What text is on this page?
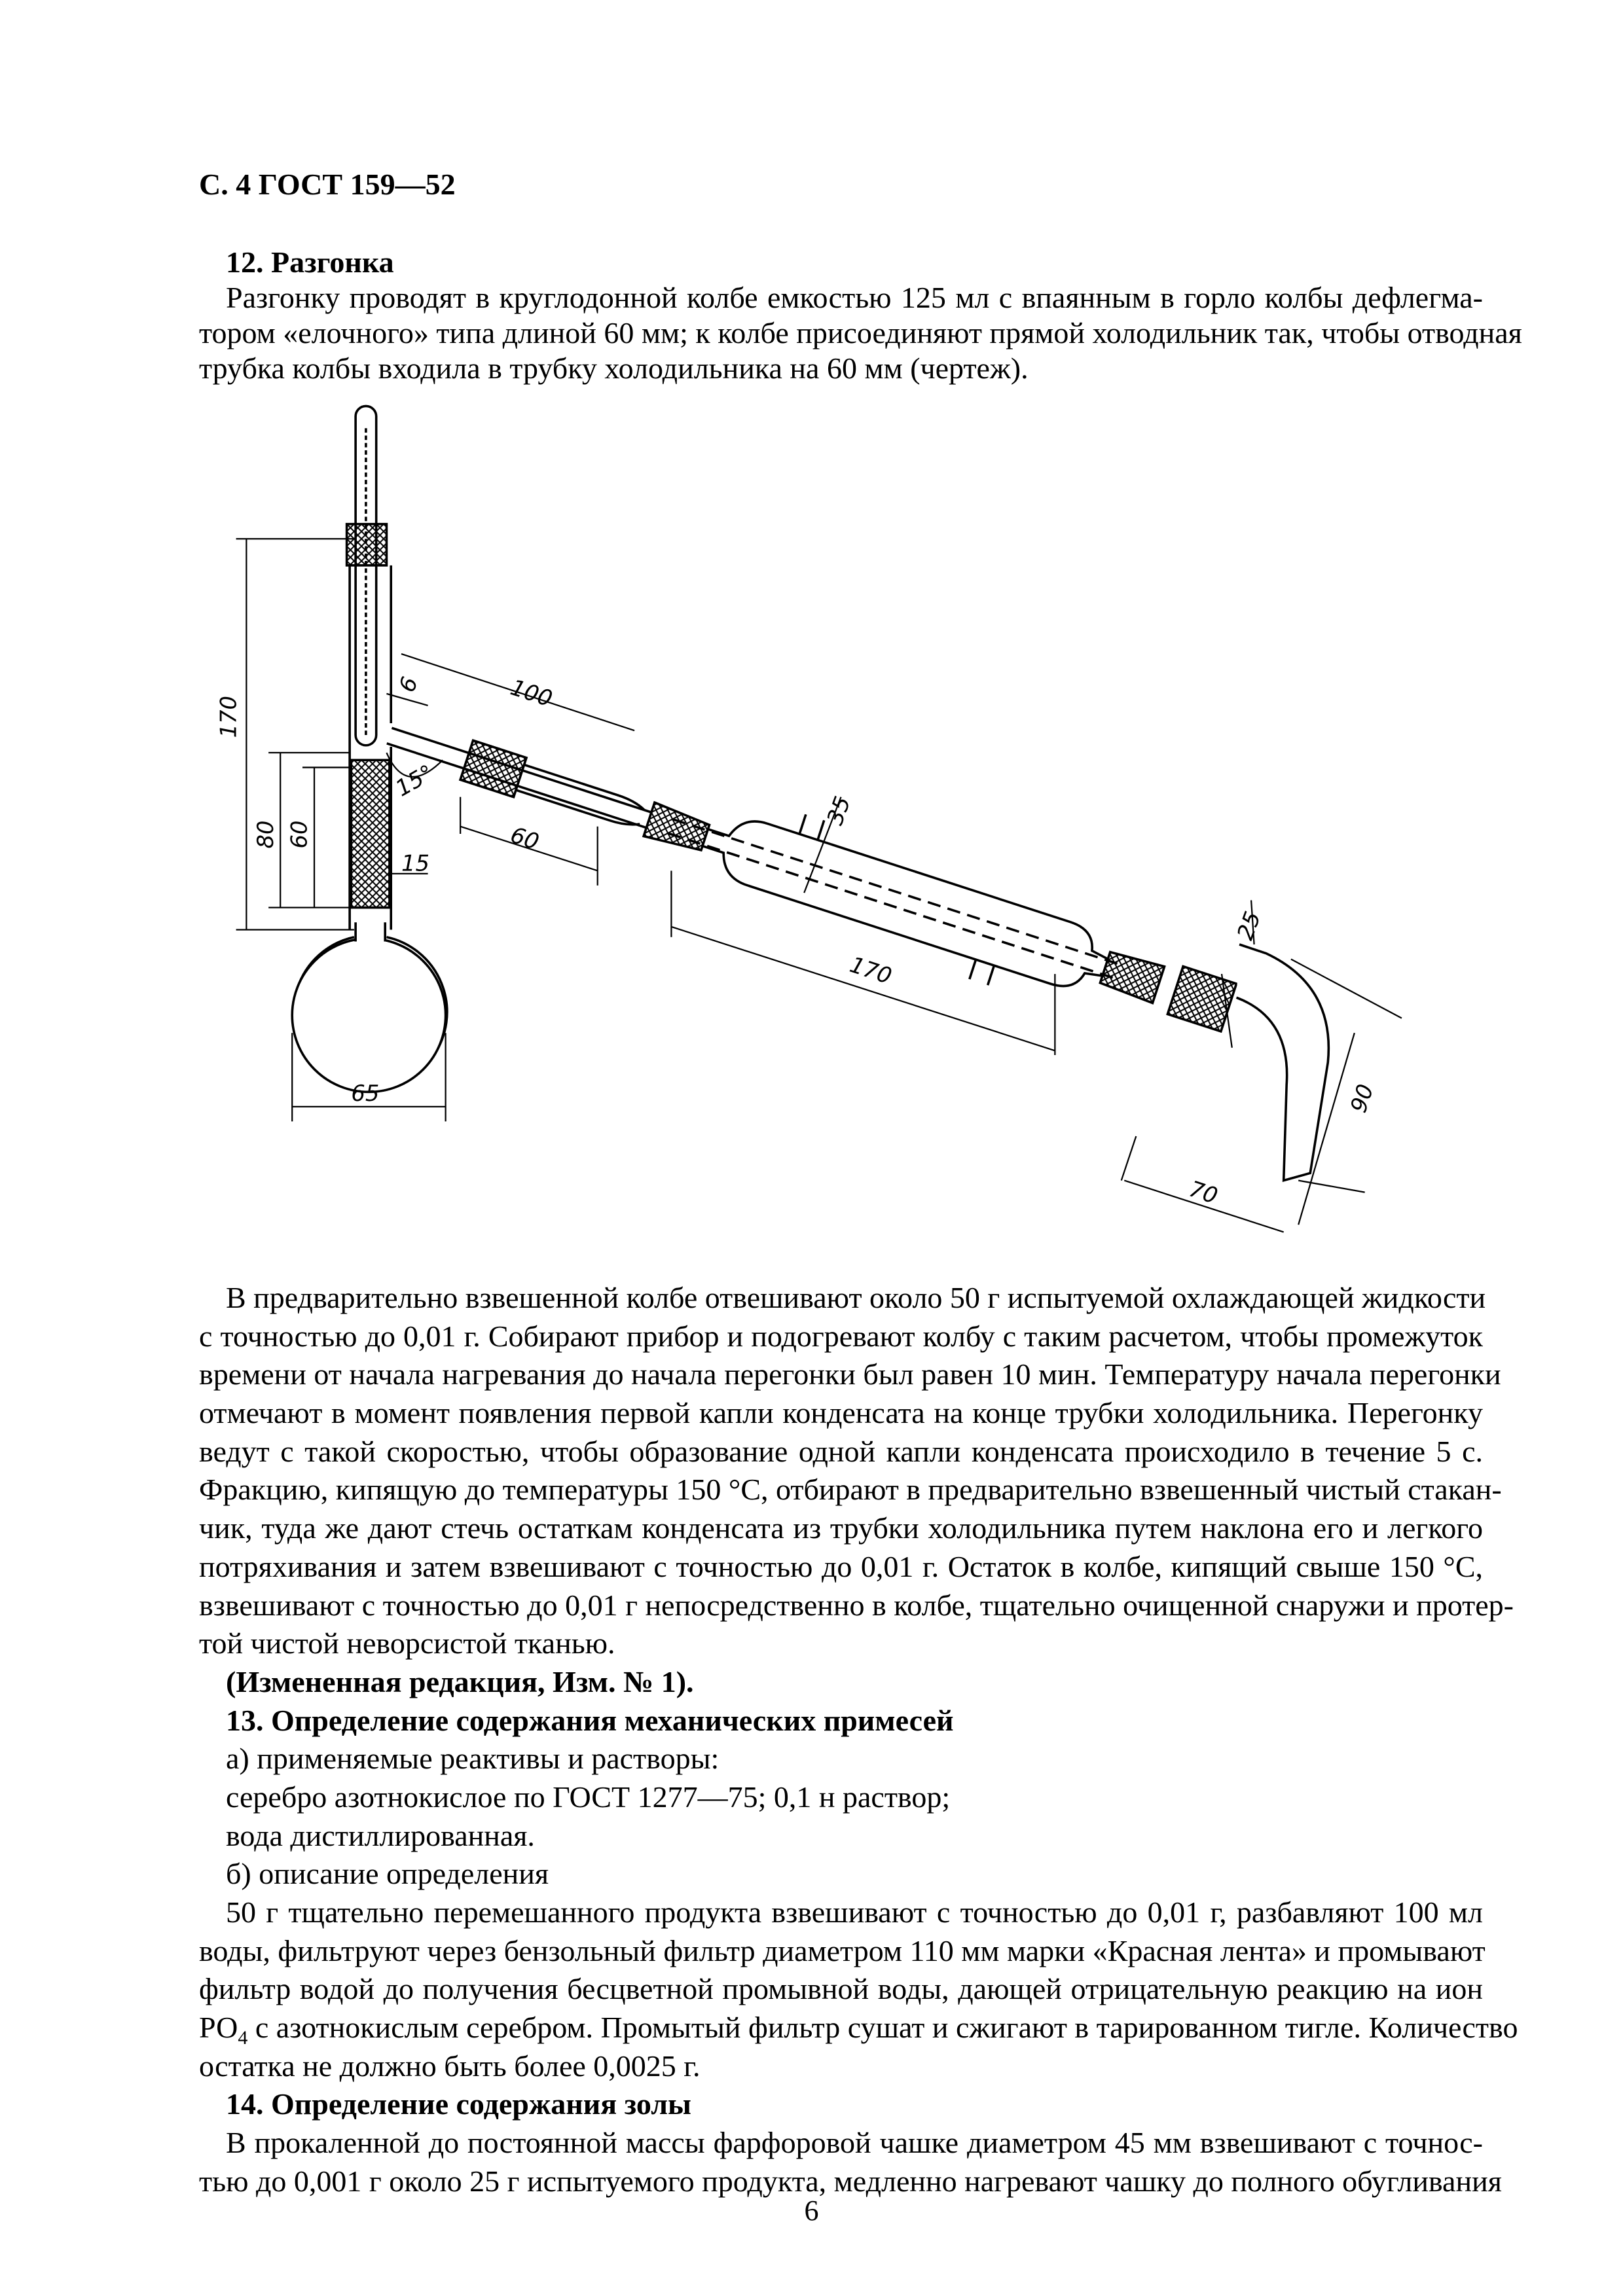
С. 4 ГОСТ 159—52
12. Разгонка
Разгонку проводят в круглодонной колбе емкостью 125 мл с впаянным в горло колбы дефлегма-
тором «елочного» типа длиной 60 мм; к колбе присоединяют прямой холодильник так, чтобы отводная
трубка колбы входила в трубку холодильника на 60 мм (чертеж).
170
80 60
15
65
6	100
15°
60
35
170
25
90
70
В предварительно взвешенной колбе отвешивают около 50 г испытуемой охлаждающей жидкости
с точностью до 0,01 г. Собирают прибор и подогревают колбу с таким расчетом, чтобы промежуток
времени от начала нагревания до начала перегонки был равен 10 мин. Температуру начала перегонки
отмечают в момент появления первой капли конденсата на конце трубки холодильника. Перегонку
ведут с такой скоростью, чтобы образование одной капли конденсата происходило в течение 5 с.
Фракцию, кипящую до температуры 150 °С, отбирают в предварительно взвешенный чистый стакан-
чик, туда же дают стечь остаткам конденсата из трубки холодильника путем наклона его и легкого
потряхивания и затем взвешивают с точностью до 0,01 г. Остаток в колбе, кипящий свыше 150 °С,
взвешивают с точностью до 0,01 г непосредственно в колбе, тщательно очищенной снаружи и протер-
той чистой неворсистой тканью.
(Измененная редакция, Изм. № 1).
13. Определение содержания механических примесей
а) применяемые реактивы и растворы:
серебро азотнокислое по ГОСТ 1277—75; 0,1 н раствор;
вода дистиллированная.
б) описание определения
50 г тщательно перемешанного продукта взвешивают с точностью до 0,01 г, разбавляют 100 мл
воды, фильтруют через бензольный фильтр диаметром 110 мм марки «Красная лента» и промывают
фильтр водой до получения бесцветной промывной воды, дающей отрицательную реакцию на ион
$РО_4$ с азотнокислым серебром. Промытый фильтр сушат и сжигают в тарированном тигле. Количество
остатка не должно быть более 0,0025 г.
14. Определение содержания золы
В прокаленной до постоянной массы фарфоровой чашке диаметром 45 мм взвешивают с точнос-
тью до 0,001 г около 25 г испытуемого продукта, медленно нагревают чашку до полного обугливания
6
